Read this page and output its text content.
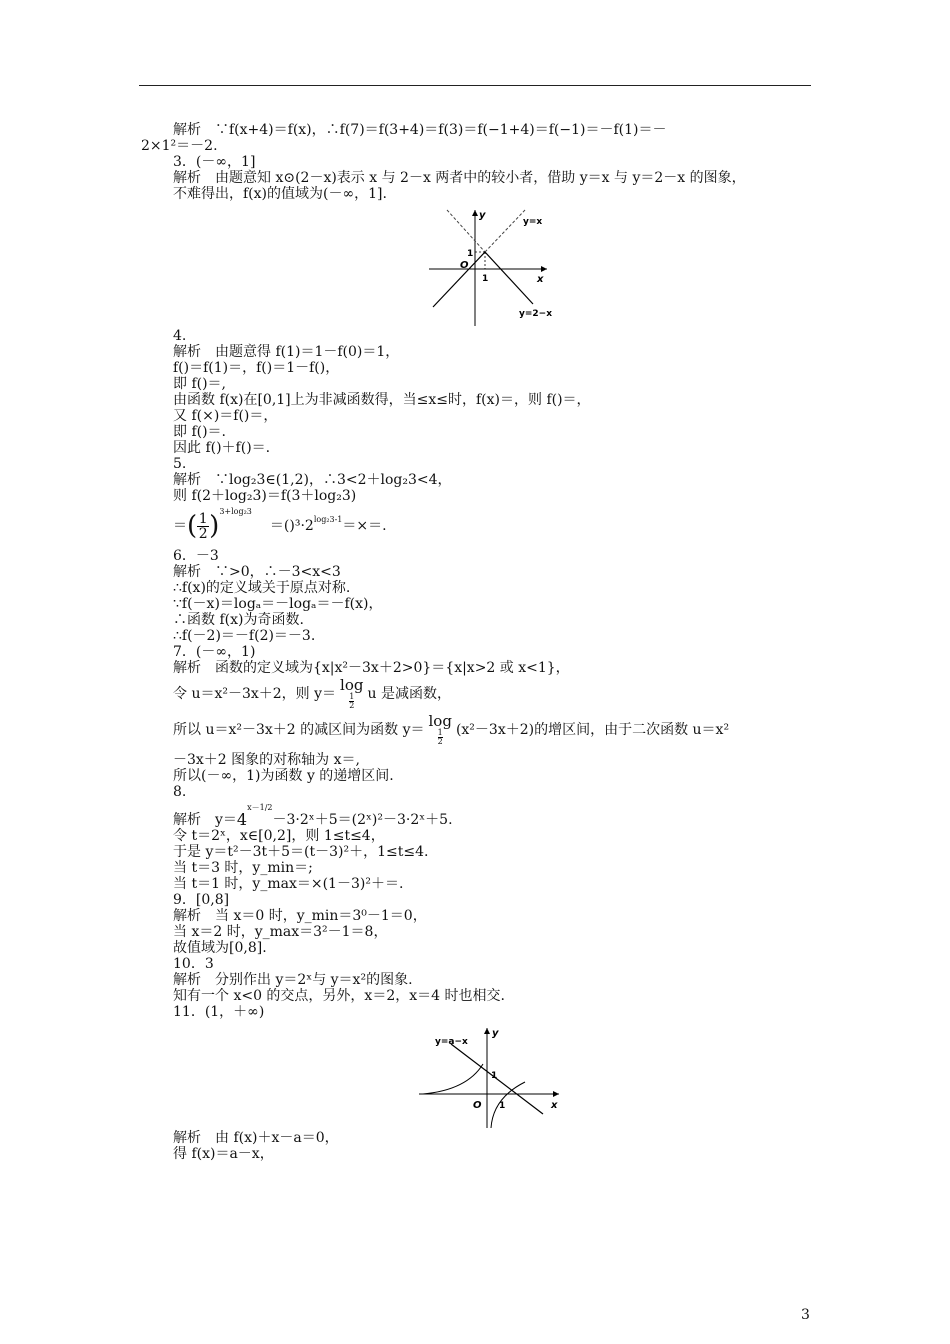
解析　∵f(x+4)＝f(x)，∴f(7)＝f(3+4)＝f(3)＝f(−1+4)＝f(−1)＝－f(1)＝－

2×1²＝－2.

3．(－∞，1]

解析　由题意知 x⊙(2－x)表示 x 与 2－x 两者中的较小者，借助 y＝x 与 y＝2－x 的图象，

不难得出，f(x)的值域为(－∞，1].

y
x
O
1
1
y=x
y=2−x

4.

解析　由题意得 f(1)＝1－f(0)＝1，

f()＝f(1)＝，f()＝1－f()，

即 f()＝,

由函数 f(x)在[0,1]上为非减函数得，当≤x≤时，f(x)＝，则 f()＝，

又 f(×)＝f()＝，

即 f()＝.

因此 f()＋f()＝.

5.

解析　∵log₂3∈(1,2)，∴3<2＋log₂3<4，

则 f(2＋log₂3)＝f(3＋log₂3)

＝ ( $\frac{1}{2}$ ) 3+log₂3
＝()³·2 log₂3-1 ＝×＝.

6．－3

解析　∵>0，∴－3<x<3

∴f(x)的定义域关于原点对称.

∵f(－x)＝logₐ＝－logₐ＝－f(x)，

∴函数 f(x)为奇函数.

∴f(－2)＝－f(2)＝－3.

7．(－∞，1)

解析　函数的定义域为{x|x²－3x＋2>0}＝{x|x>2 或 x<1}，

令 u＝x²－3x＋2，则 y＝ log
1
2
u 是减函数，
所以 u＝x²－3x＋2 的减区间为函数 y＝ log
1
2
(x²－3x＋2)的增区间，由于二次函数 u＝x²

－3x＋2 图象的对称轴为 x＝,

所以(－∞，1)为函数 y 的递增区间.

8.

解析　y＝ 4
x－1/2
－3·2ˣ＋5＝(2ˣ)²－3·2ˣ＋5.

令 t＝2ˣ，x∈[0,2]，则 1≤t≤4，

于是 y＝t²－3t＋5＝(t－3)²＋，1≤t≤4.

当 t＝3 时，y_min＝;

当 t＝1 时，y_max＝×(1－3)²＋＝.

9．[0,8]

解析　当 x＝0 时，y_min＝3⁰－1＝0，

当 x＝2 时，y_max＝3²－1＝8，

故值域为[0,8].

10．3

解析　分别作出 y＝2ˣ与 y＝x²的图象.

知有一个 x<0 的交点，另外，x＝2，x＝4 时也相交.

11．(1，＋∞)

y
x
O
1
1
y=a−x

解析　由 f(x)＋x－a＝0，

得 f(x)＝a－x，

3
